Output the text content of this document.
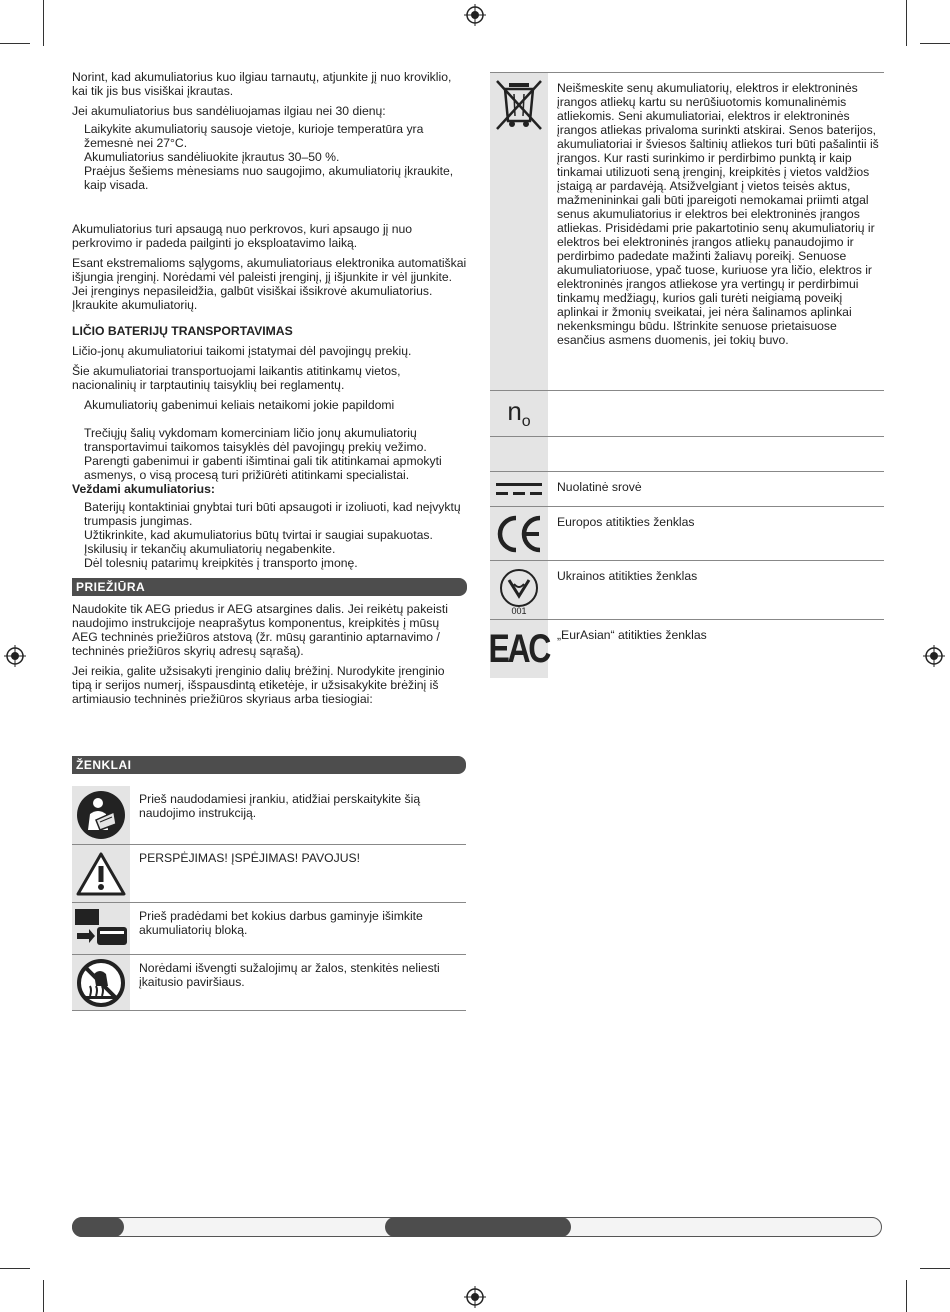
Norint, kad akumuliatorius kuo ilgiau tarnautų, atjunkite jį nuo kroviklio, kai tik jis bus visiškai įkrautas.

Jei akumuliatorius bus sandėliuojamas ilgiau nei 30 dienų:

Laikykite akumuliatorių sausoje vietoje, kurioje temperatūra yra žemesnė nei 27°C.
Akumuliatorius sandėliuokite įkrautus 30–50 %.
Praėjus šešiems mėnesiams nuo saugojimo, akumuliatorių įkraukite, kaip visada.

Akumuliatorius turi apsaugą nuo perkrovos, kuri apsaugo jį nuo perkrovimo ir padeda pailginti jo eksploatavimo laiką.

Esant ekstremalioms sąlygoms, akumuliatoriaus elektronika automatiškai išjungia įrenginį. Norėdami vėl paleisti įrenginį, jį išjunkite ir vėl įjunkite. Jei įrenginys nepasileidžia, galbūt visiškai išsikrovė akumuliatorius. Įkraukite akumuliatorių.

LIČIO BATERIJŲ TRANSPORTAVIMAS

Ličio-jonų akumuliatoriui taikomi įstatymai dėl pavojingų prekių.

Šie akumuliatoriai transportuojami laikantis atitinkamų vietos, nacionalinių ir tarptautinių taisyklių bei reglamentų.

Akumuliatorių gabenimui keliais netaikomi jokie papildomi
Trečiųjų šalių vykdomam komerciniam ličio jonų akumuliatorių transportavimui taikomos taisyklės dėl pavojingų prekių vežimo. Parengti gabenimui ir gabenti išimtinai gali tik atitinkamai apmokyti asmenys, o visą procesą turi prižiūrėti atitinkami specialistai.
Veždami akumuliatorius:
Baterijų kontaktiniai gnybtai turi būti apsaugoti ir izoliuoti, kad neįvyktų trumpasis jungimas.
Užtikrinkite, kad akumuliatorius būtų tvirtai ir saugiai supakuotas.
Įskilusių ir tekančių akumuliatorių negabenkite.
Dėl tolesnių patarimų kreipkitės į transporto įmonę.
PRIEŽIŪRA

Naudokite tik AEG priedus ir AEG atsargines dalis. Jei reikėtų pakeisti naudojimo instrukcijoje neaprašytus komponentus, kreipkitės į mūsų AEG techninės priežiūros atstovą (žr. mūsų garantinio aptarnavimo / techninės priežiūros skyrių adresų sąrašą).

Jei reikia, galite užsisakyti įrenginio dalių brėžinį. Nurodykite įrenginio tipą ir serijos numerį, išspausdintą etiketėje, ir užsisakykite brėžinį iš artimiausio techninės priežiūros skyriaus arba tiesiogiai:

ŽENKLAI
Prieš naudodamiesi įrankiu, atidžiai perskaitykite šią naudojimo instrukciją.
PERSPĖJIMAS! ĮSPĖJIMAS! PAVOJUS!
Prieš pradėdami bet kokius darbus gaminyje išimkite akumuliatorių bloką.
Norėdami išvengti sužalojimų ar žalos, stenkitės neliesti įkaitusio paviršiaus.
Neišmeskite senų akumuliatorių, elektros ir elektroninės įrangos atliekų kartu su nerūšiuotomis komunalinėmis atliekomis. Seni akumuliatoriai, elektros ir elektroninės įrangos atliekas privaloma surinkti atskirai. Senos baterijos, akumuliatoriai ir šviesos šaltinių atliekos turi būti pašalintii iš įrangos. Kur rasti surinkimo ir perdirbimo punktą ir kaip tinkamai utilizuoti seną įrenginį, kreipkitės į vietos valdžios įstaigą ar pardavėją. Atsižvelgiant į vietos teisės aktus, mažmenininkai gali būti įpareigoti nemokamai priimti atgal senus akumuliatorius ir elektros bei elektroninės įrangos atliekas. Prisidėdami prie pakartotinio senų akumuliatorių ir elektros bei elektroninės įrangos atliekų panaudojimo ir perdirbimo padedate mažinti žaliavų poreikį. Senuose akumuliatoriuose, ypač tuose, kuriuose yra ličio, elektros ir elektroninės įrangos atliekose yra vertingų ir perdirbimui tinkamų medžiagų, kurios gali turėti neigiamą poveikį aplinkai ir žmonių sveikatai, jei nėra šalinamos aplinkai nekenksmingu būdu. Ištrinkite senuose prietaisuose esančius asmens duomenis, jei tokių buvo.
$n_o$
Nuolatinė srovė
Europos atitikties ženklas
001
Ukrainos atitikties ženklas
EAC „EurAsian“ atitikties ženklas
